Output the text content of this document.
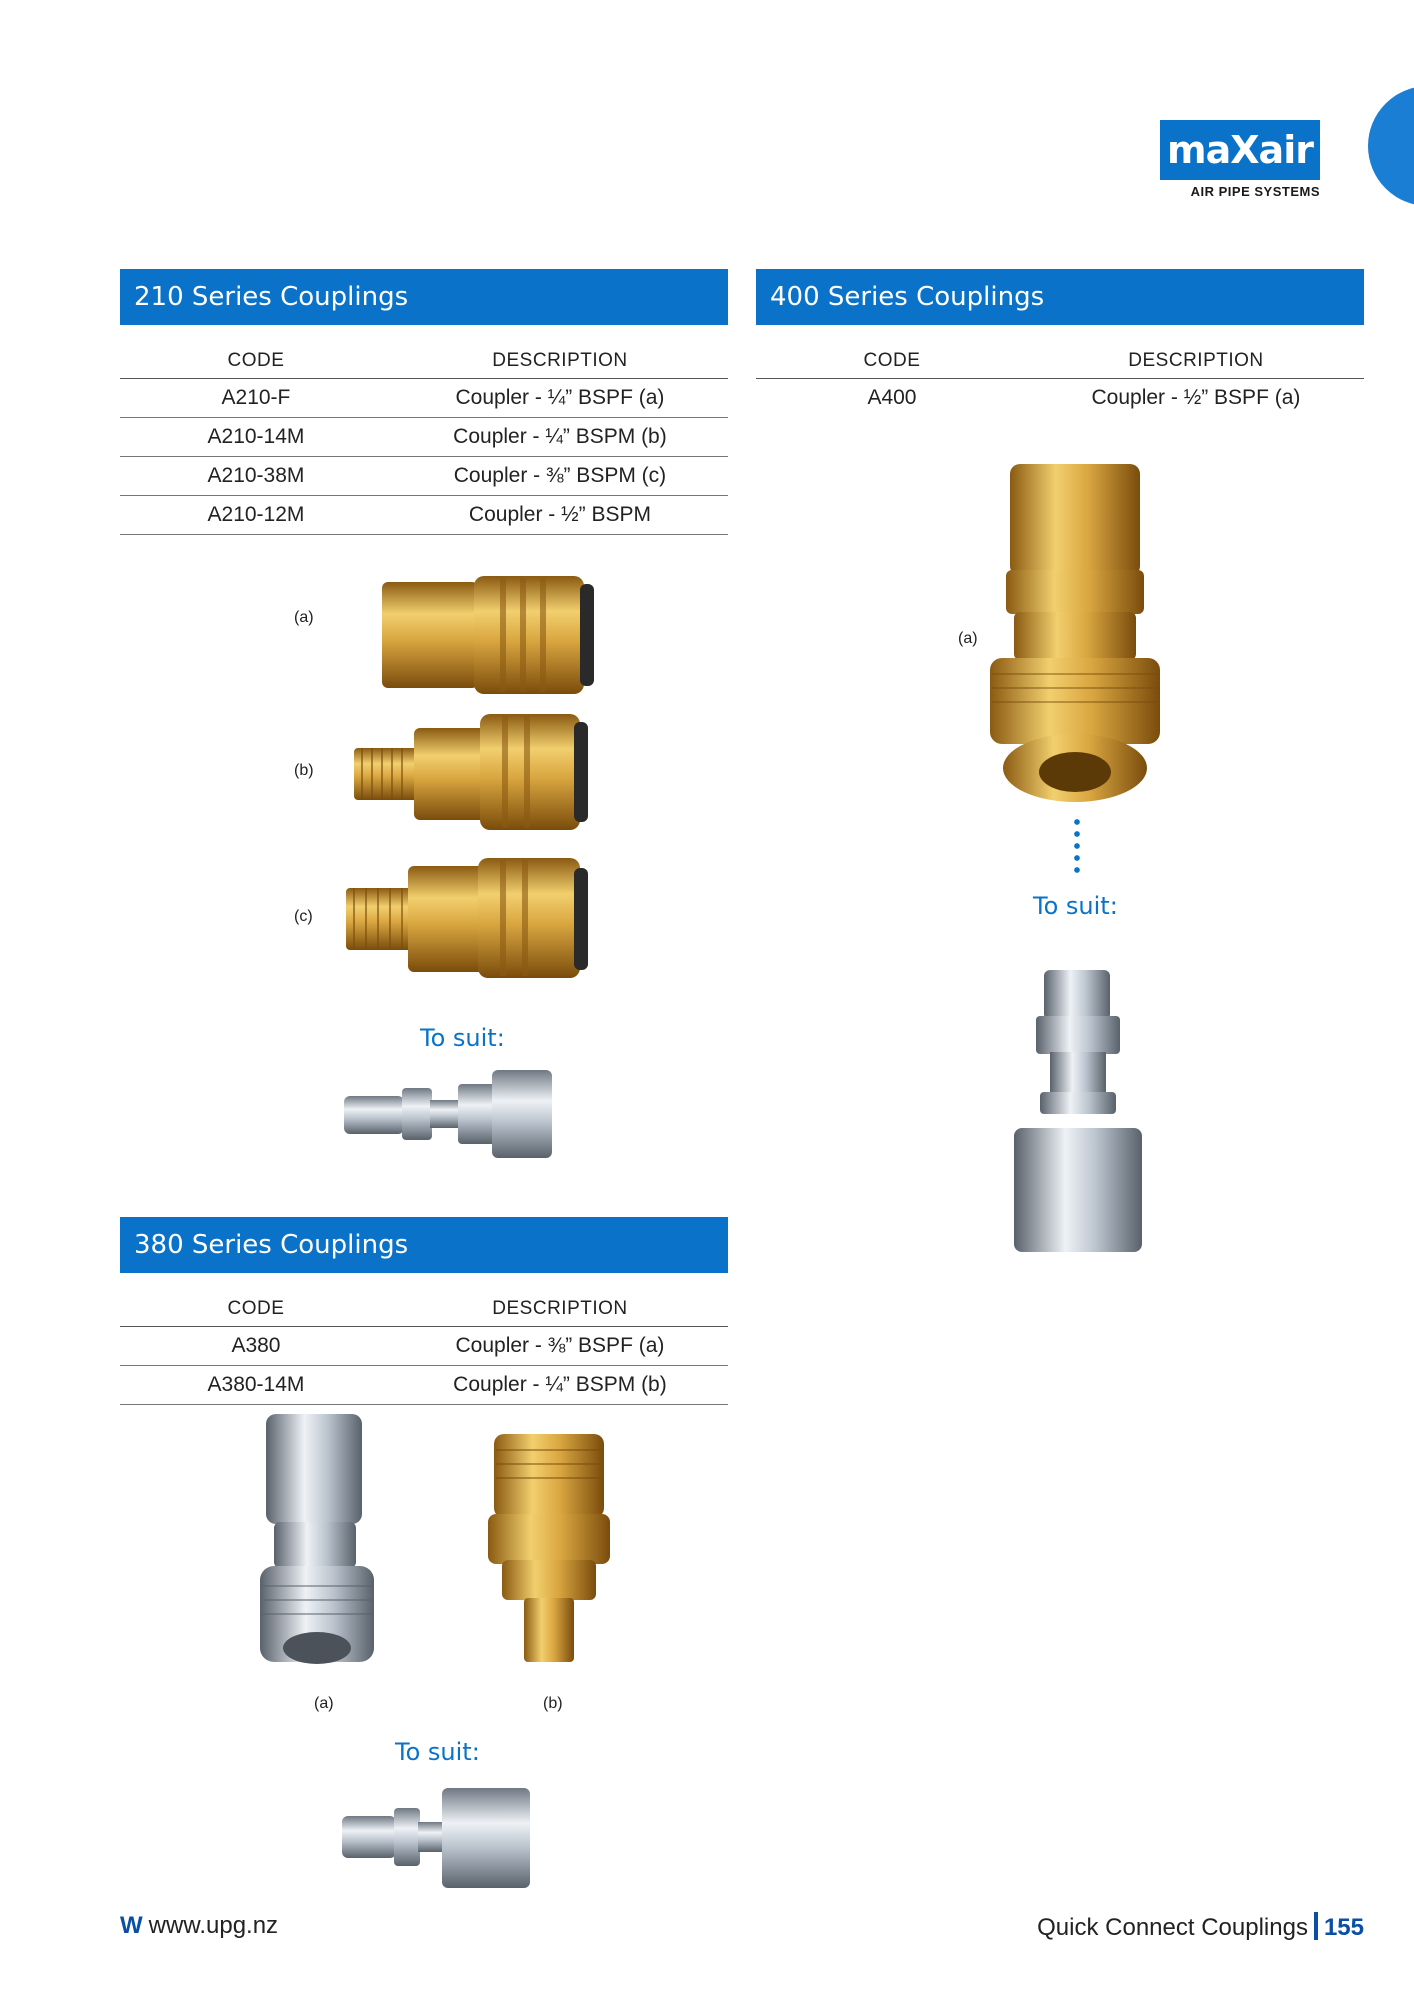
maXair
AIR PIPE SYSTEMS
210 Series Couplings
CODE	DESCRIPTION
A210-F	Coupler - ¼” BSPF (a)
A210-14M	Coupler - ¼” BSPM (b)
A210-38M	Coupler - ⅜” BSPM (c)
A210-12M	Coupler - ½” BSPM
(a)
(b)
(c)
To suit:
400 Series Couplings
CODE	DESCRIPTION
A400	Coupler - ½” BSPF (a)
(a)
To suit:
380 Series Couplings
CODE	DESCRIPTION
A380	Coupler - ⅜” BSPF (a)
A380-14M	Coupler - ¼” BSPM (b)
(a)	(b)
To suit:
W www.upg.nz	Quick Connect Couplings 155
